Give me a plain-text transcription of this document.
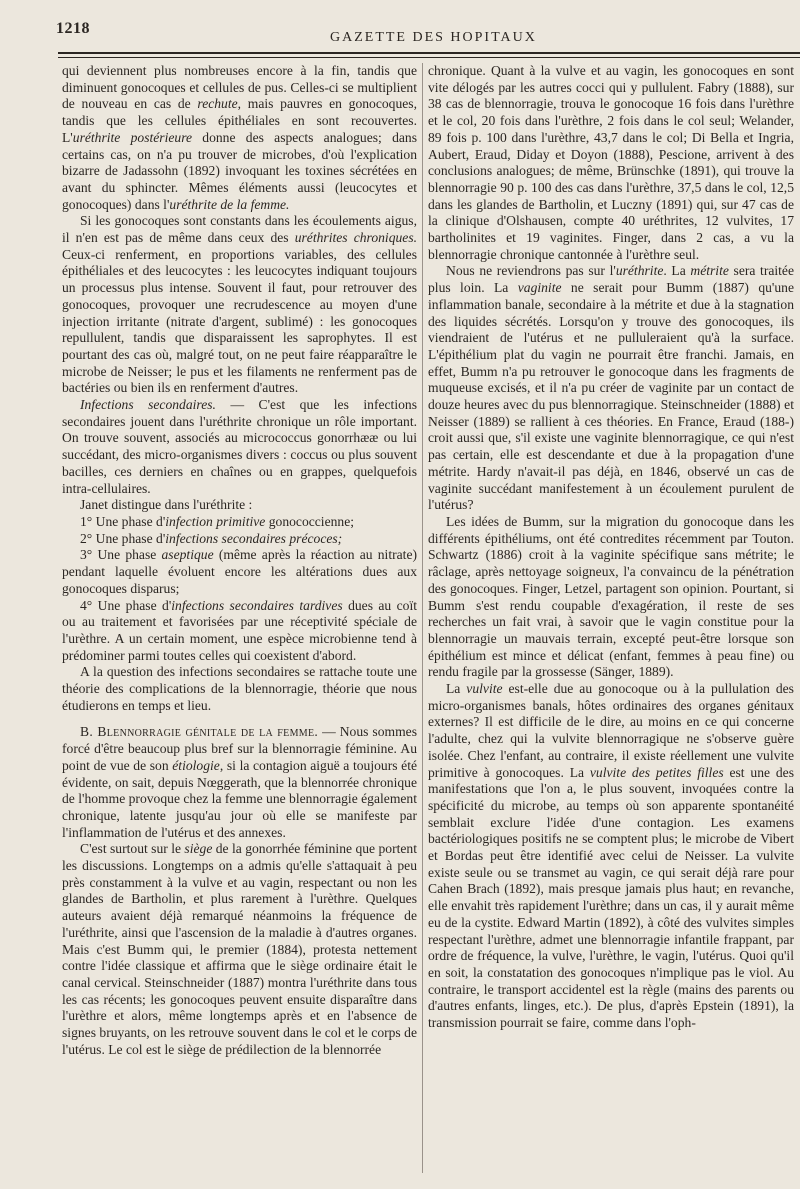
1218
GAZETTE DES HOPITAUX

qui deviennent plus nombreuses encore à la fin, tandis que diminuent gonocoques et cellules de pus. Celles-ci se multiplient de nouveau en cas de rechute, mais pauvres en gonocoques, tandis que les cellules épithéliales en sont recouvertes. L'uréthrite postérieure donne des aspects analogues; dans certains cas, on n'a pu trouver de microbes, d'où l'explication bizarre de Jadassohn (1892) invoquant les toxines sécrétées en avant du sphincter. Mêmes éléments aussi (leucocytes et gonocoques) dans l'uréthrite de la femme.

Si les gonocoques sont constants dans les écoulements aigus, il n'en est pas de même dans ceux des uréthrites chroniques. Ceux-ci renferment, en proportions variables, des cellules épithéliales et des leucocytes : les leucocytes indiquant toujours un processus plus intense. Souvent il faut, pour retrouver des gonocoques, provoquer une recrudescence au moyen d'une injection irritante (nitrate d'argent, sublimé) : les gonocoques repullulent, tandis que disparaissent les saprophytes. Il est pourtant des cas où, malgré tout, on ne peut faire réapparaître le microbe de Neisser; le pus et les filaments ne renferment pas de bactéries ou bien ils en renferment d'autres.

Infections secondaires. — C'est que les infections secondaires jouent dans l'uréthrite chronique un rôle important. On trouve souvent, associés au micrococcus gonorrhææ ou lui succédant, des micro-organismes divers : coccus ou plus souvent bacilles, ces derniers en chaînes ou en grappes, quelquefois intra-cellulaires.

Janet distingue dans l'uréthrite :

1° Une phase d'infection primitive gonococcienne;

2° Une phase d'infections secondaires précoces;

3° Une phase aseptique (même après la réaction au nitrate) pendant laquelle évoluent encore les altérations dues aux gonocoques disparus;

4° Une phase d'infections secondaires tardives dues au coït ou au traitement et favorisées par une réceptivité spéciale de l'urèthre. A un certain moment, une espèce microbienne tend à prédominer parmi toutes celles qui coexistent d'abord.

A la question des infections secondaires se rattache toute une théorie des complications de la blennorragie, théorie que nous étudierons en temps et lieu.

B. Blennorragie génitale de la femme. — Nous sommes forcé d'être beaucoup plus bref sur la blennorragie féminine. Au point de vue de son étiologie, si la contagion aiguë a toujours été évidente, on sait, depuis Nœggerath, que la blennorrée chronique de l'homme provoque chez la femme une blennorragie également chronique, latente jusqu'au jour où elle se manifeste par l'inflammation de l'utérus et des annexes.

C'est surtout sur le siège de la gonorrhée féminine que portent les discussions. Longtemps on a admis qu'elle s'attaquait à peu près constamment à la vulve et au vagin, respectant ou non les glandes de Bartholin, et plus rarement à l'urèthre. Quelques auteurs avaient déjà remarqué néanmoins la fréquence de l'uréthrite, ainsi que l'ascension de la maladie à d'autres organes. Mais c'est Bumm qui, le premier (1884), protesta nettement contre l'idée classique et affirma que le siège ordinaire était le canal cervical. Steinschneider (1887) montra l'uréthrite dans tous les cas récents; les gonocoques peuvent ensuite disparaître dans l'urèthre et alors, même longtemps après et en l'absence de signes bruyants, on les retrouve souvent dans le col et le corps de l'utérus. Le col est le siège de prédilection de la blennorrée

chronique. Quant à la vulve et au vagin, les gonocoques en sont vite délogés par les autres cocci qui y pullulent. Fabry (1888), sur 38 cas de blennorragie, trouva le gonocoque 16 fois dans l'urèthre et le col, 20 fois dans l'urèthre, 2 fois dans le col seul; Welander, 89 fois p. 100 dans l'urèthre, 43,7 dans le col; Di Bella et Ingria, Aubert, Eraud, Diday et Doyon (1888), Pescione, arrivent à des conclusions analogues; de même, Brünschke (1891), qui trouve la blennorragie 90 p. 100 des cas dans l'urèthre, 37,5 dans le col, 12,5 dans les glandes de Bartholin, et Luczny (1891) qui, sur 47 cas de la clinique d'Olshausen, compte 40 uréthrites, 12 vulvites, 17 bartholinites et 19 vaginites. Finger, dans 2 cas, a vu la blennorragie chronique cantonnée à l'urèthre seul.

Nous ne reviendrons pas sur l'uréthrite. La métrite sera traitée plus loin. La vaginite ne serait pour Bumm (1887) qu'une inflammation banale, secondaire à la métrite et due à la stagnation des liquides sécrétés. Lorsqu'on y trouve des gonocoques, ils viendraient de l'utérus et ne pulluleraient qu'à la surface. L'épithélium plat du vagin ne pourrait être franchi. Jamais, en effet, Bumm n'a pu retrouver le gonocoque dans les fragments de muqueuse excisés, et il n'a pu créer de vaginite par un contact de douze heures avec du pus blennorragique. Steinschneider (1888) et Neisser (1889) se rallient à ces théories. En France, Eraud (188-) croit aussi que, s'il existe une vaginite blennorragique, ce qui n'est pas certain, elle est descendante et due à la propagation d'une métrite. Hardy n'avait-il pas déjà, en 1846, observé un cas de vaginite succédant manifestement à un écoulement purulent de l'utérus?

Les idées de Bumm, sur la migration du gonocoque dans les différents épithéliums, ont été contredites récemment par Touton. Schwartz (1886) croit à la vaginite spécifique sans métrite; le râclage, après nettoyage soigneux, l'a convaincu de la pénétration des gonocoques. Finger, Letzel, partagent son opinion. Pourtant, si Bumm s'est rendu coupable d'exagération, il reste de ses recherches un fait vrai, à savoir que le vagin constitue pour la blennorragie un mauvais terrain, excepté peut-être lorsque son épithélium est mince et délicat (enfant, femmes à peau fine) ou rendu fragile par la grossesse (Sänger, 1889).

La vulvite est-elle due au gonocoque ou à la pullulation des micro-organismes banals, hôtes ordinaires des organes génitaux externes? Il est difficile de le dire, au moins en ce qui concerne l'adulte, chez qui la vulvite blennorragique ne s'observe guère isolée. Chez l'enfant, au contraire, il existe réellement une vulvite primitive à gonocoques. La vulvite des petites filles est une des manifestations que l'on a, le plus souvent, invoquées contre la spécificité du microbe, au temps où son apparente spontanéité semblait exclure l'idée d'une contagion. Les examens bactériologiques positifs ne se comptent plus; le microbe de Vibert et Bordas peut être identifié avec celui de Neisser. La vulvite existe seule ou se transmet au vagin, ce qui serait déjà rare pour Cahen Brach (1892), mais presque jamais plus haut; en revanche, elle envahit très rapidement l'urèthre; dans un cas, il y aurait même eu de la cystite. Edward Martin (1892), à côté des vulvites simples respectant l'urèthre, admet une blennorragie infantile frappant, par ordre de fréquence, la vulve, l'urèthre, le vagin, l'utérus. Quoi qu'il en soit, la constatation des gonocoques n'implique pas le viol. Au contraire, le transport accidentel est la règle (mains des parents ou d'autres enfants, linges, etc.). De plus, d'après Epstein (1891), la transmission pourrait se faire, comme dans l'oph-
